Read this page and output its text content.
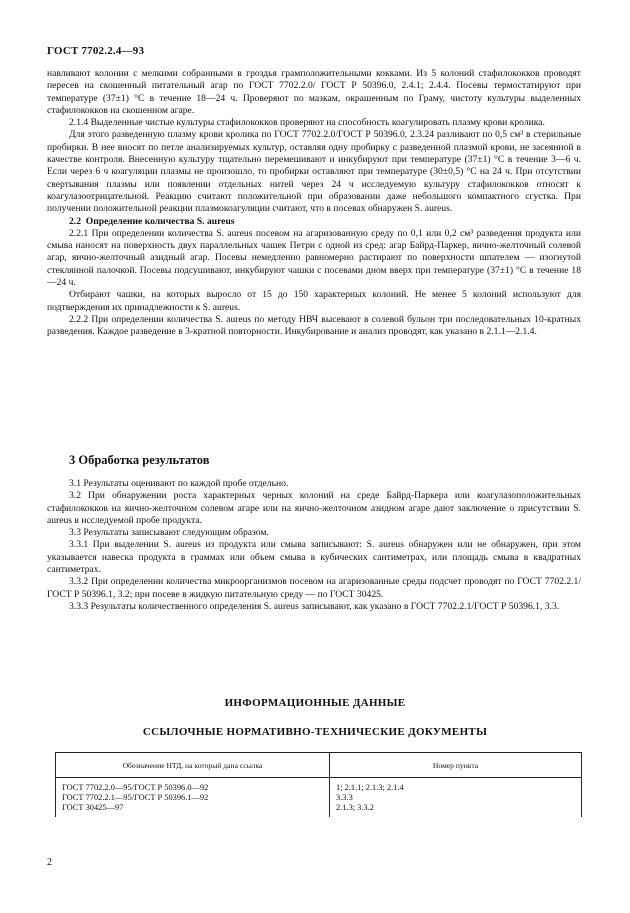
ГОСТ 7702.2.4—93

навливают колонии с мелкими собранными в гроздья грамположительными кокками. Из 5 колоний стафилококков проводят пересев на скошенный питательный агар по ГОСТ 7702.2.0/ ГОСТ Р 50396.0, 2.4.1; 2.4.4. Посевы термостатируют при температуре (37±1) °С в течение 18—24 ч. Проверяют по мазкам, окрашенным по Граму, чистоту культуры выделенных стафилококков на скошенном агаре.

2.1.4 Выделенные чистые культуры стафилококков проверяют на способность коагулировать плазму крови кролика.

Для этого разведенную плазму крови кролика по ГОСТ 7702.2.0/ГОСТ Р 50396.0, 2.3.24 разливают по 0,5 см³ в стерильные пробирки. В нее вносят по петле анализируемых культур, оставляя одну пробирку с разведенной плазмой крови, не засеянной в качестве контроля. Внесенную культуру тщательно перемешивают и инкубируют при температуре (37±1) °С в течение 3—6 ч. Если через 6 ч коагуляции плазмы не произошло, то пробирки оставляют при температуре (30±0,5) °С на 24 ч. При отсутствии свертывания плазмы или появлении отдельных нитей через 24 ч исследуемую культуру стафилококков относят к коагулазоотрицательной. Реакцию считают положительной при образовании даже небольшого компактного сгустка. При получении положительной реакции плазмокоагуляции считают, что в посевах обнаружен S. aureus.

2.2 Определение количества S. aureus

2.2.1 При определении количества S. aureus посевом на агаризованную среду по 0,1 или 0,2 см³ разведения продукта или смыва наносят на поверхность двух параллельных чашек Петри с одной из сред: агар Байрд-Паркер, яично-желточный солевой агар, яично-желточный азидный агар. Посевы немедленно равномерно растирают по поверхности шпателем — изогнутой стеклянной палочкой. Посевы подсушивают, инкубируют чашки с посевами дном вверх при температуре (37±1) °С в течение 18—24 ч.

Отбирают чашки, на которых выросло от 15 до 150 характерных колоний. Не менее 5 колоний используют для подтверждения их принадлежности к S. aureus.

2.2.2 При определении количества S. aureus по методу НВЧ высевают в солевой бульон три последовательных 10-кратных разведения. Каждое разведение в 3-кратной повторности. Инкубирование и анализ проводят, как указано в 2.1.1—2.1.4.

3 Обработка результатов

3.1 Результаты оценивают по каждой пробе отдельно.

3.2 При обнаружении роста характерных черных колоний на среде Байрд-Паркера или коагулазоположительных стафилококков на яично-желточном солевом агаре или на яично-желточном азидном агаре дают заключение о присутствии S. aureus в исследуемой пробе продукта.

3.3 Результаты записывают следующим образом.

3.3.1 При выделении S. aureus из продукта или смыва записывают: S. aureus обнаружен или не обнаружен, при этом указывается навеска продукта в граммах или объем смыва в кубических сантиметрах, или площадь смыва в квадратных сантиметрах.

3.3.2 При определении количества микроорганизмов посевом на агаризованные среды подсчет проводят по ГОСТ 7702.2.1/ГОСТ Р 50396.1, 3.2; при посеве в жидкую питательную среду — по ГОСТ 30425.

3.3.3 Результаты количественного определения S. aureus записывают, как указано в ГОСТ 7702.2.1/ГОСТ Р 50396.1, 3.3.

ИНФОРМАЦИОННЫЕ ДАННЫЕ
ССЫЛОЧНЫЕ НОРМАТИВНО-ТЕХНИЧЕСКИЕ ДОКУМЕНТЫ
Обозначение НТД, на который дана ссылка	Номер пункта
ГОСТ 7702.2.0—95/ГОСТ Р 50396.0—92	1; 2.1.1; 2.1.3; 2.1.4
ГОСТ 7702.2.1—95/ГОСТ Р 50396.1—92	3.3.3
ГОСТ 30425—97	2.1.3; 3.3.2
2
